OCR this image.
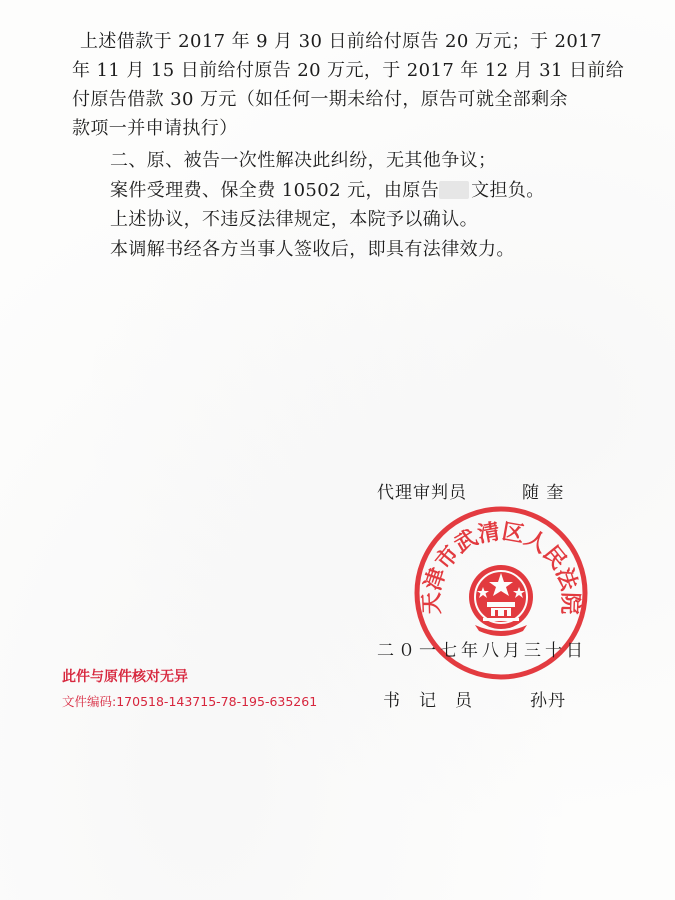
上述借款于 2017 年 9 月 30 日前给付原告 20 万元；于 2017
年 11 月 15 日前给付原告 20 万元，于 2017 年 12 月 31 日前给
付原告借款 30 万元（如任何一期未给付，原告可就全部剩余
款项一并申请执行）
二、原、被告一次性解决此纠纷，无其他争议；
案件受理费、保全费 10502 元，由原告 文担负。
上述协议，不违反法律规定，本院予以确认。
本调解书经各方当事人签收后，即具有法律效力。
代理审判员	随 奎
天津市武清区人民法院
二０一七年八月三十日
此件与原件核对无异
文件编码:170518-143715-78-195-635261	书　记　员	孙丹
